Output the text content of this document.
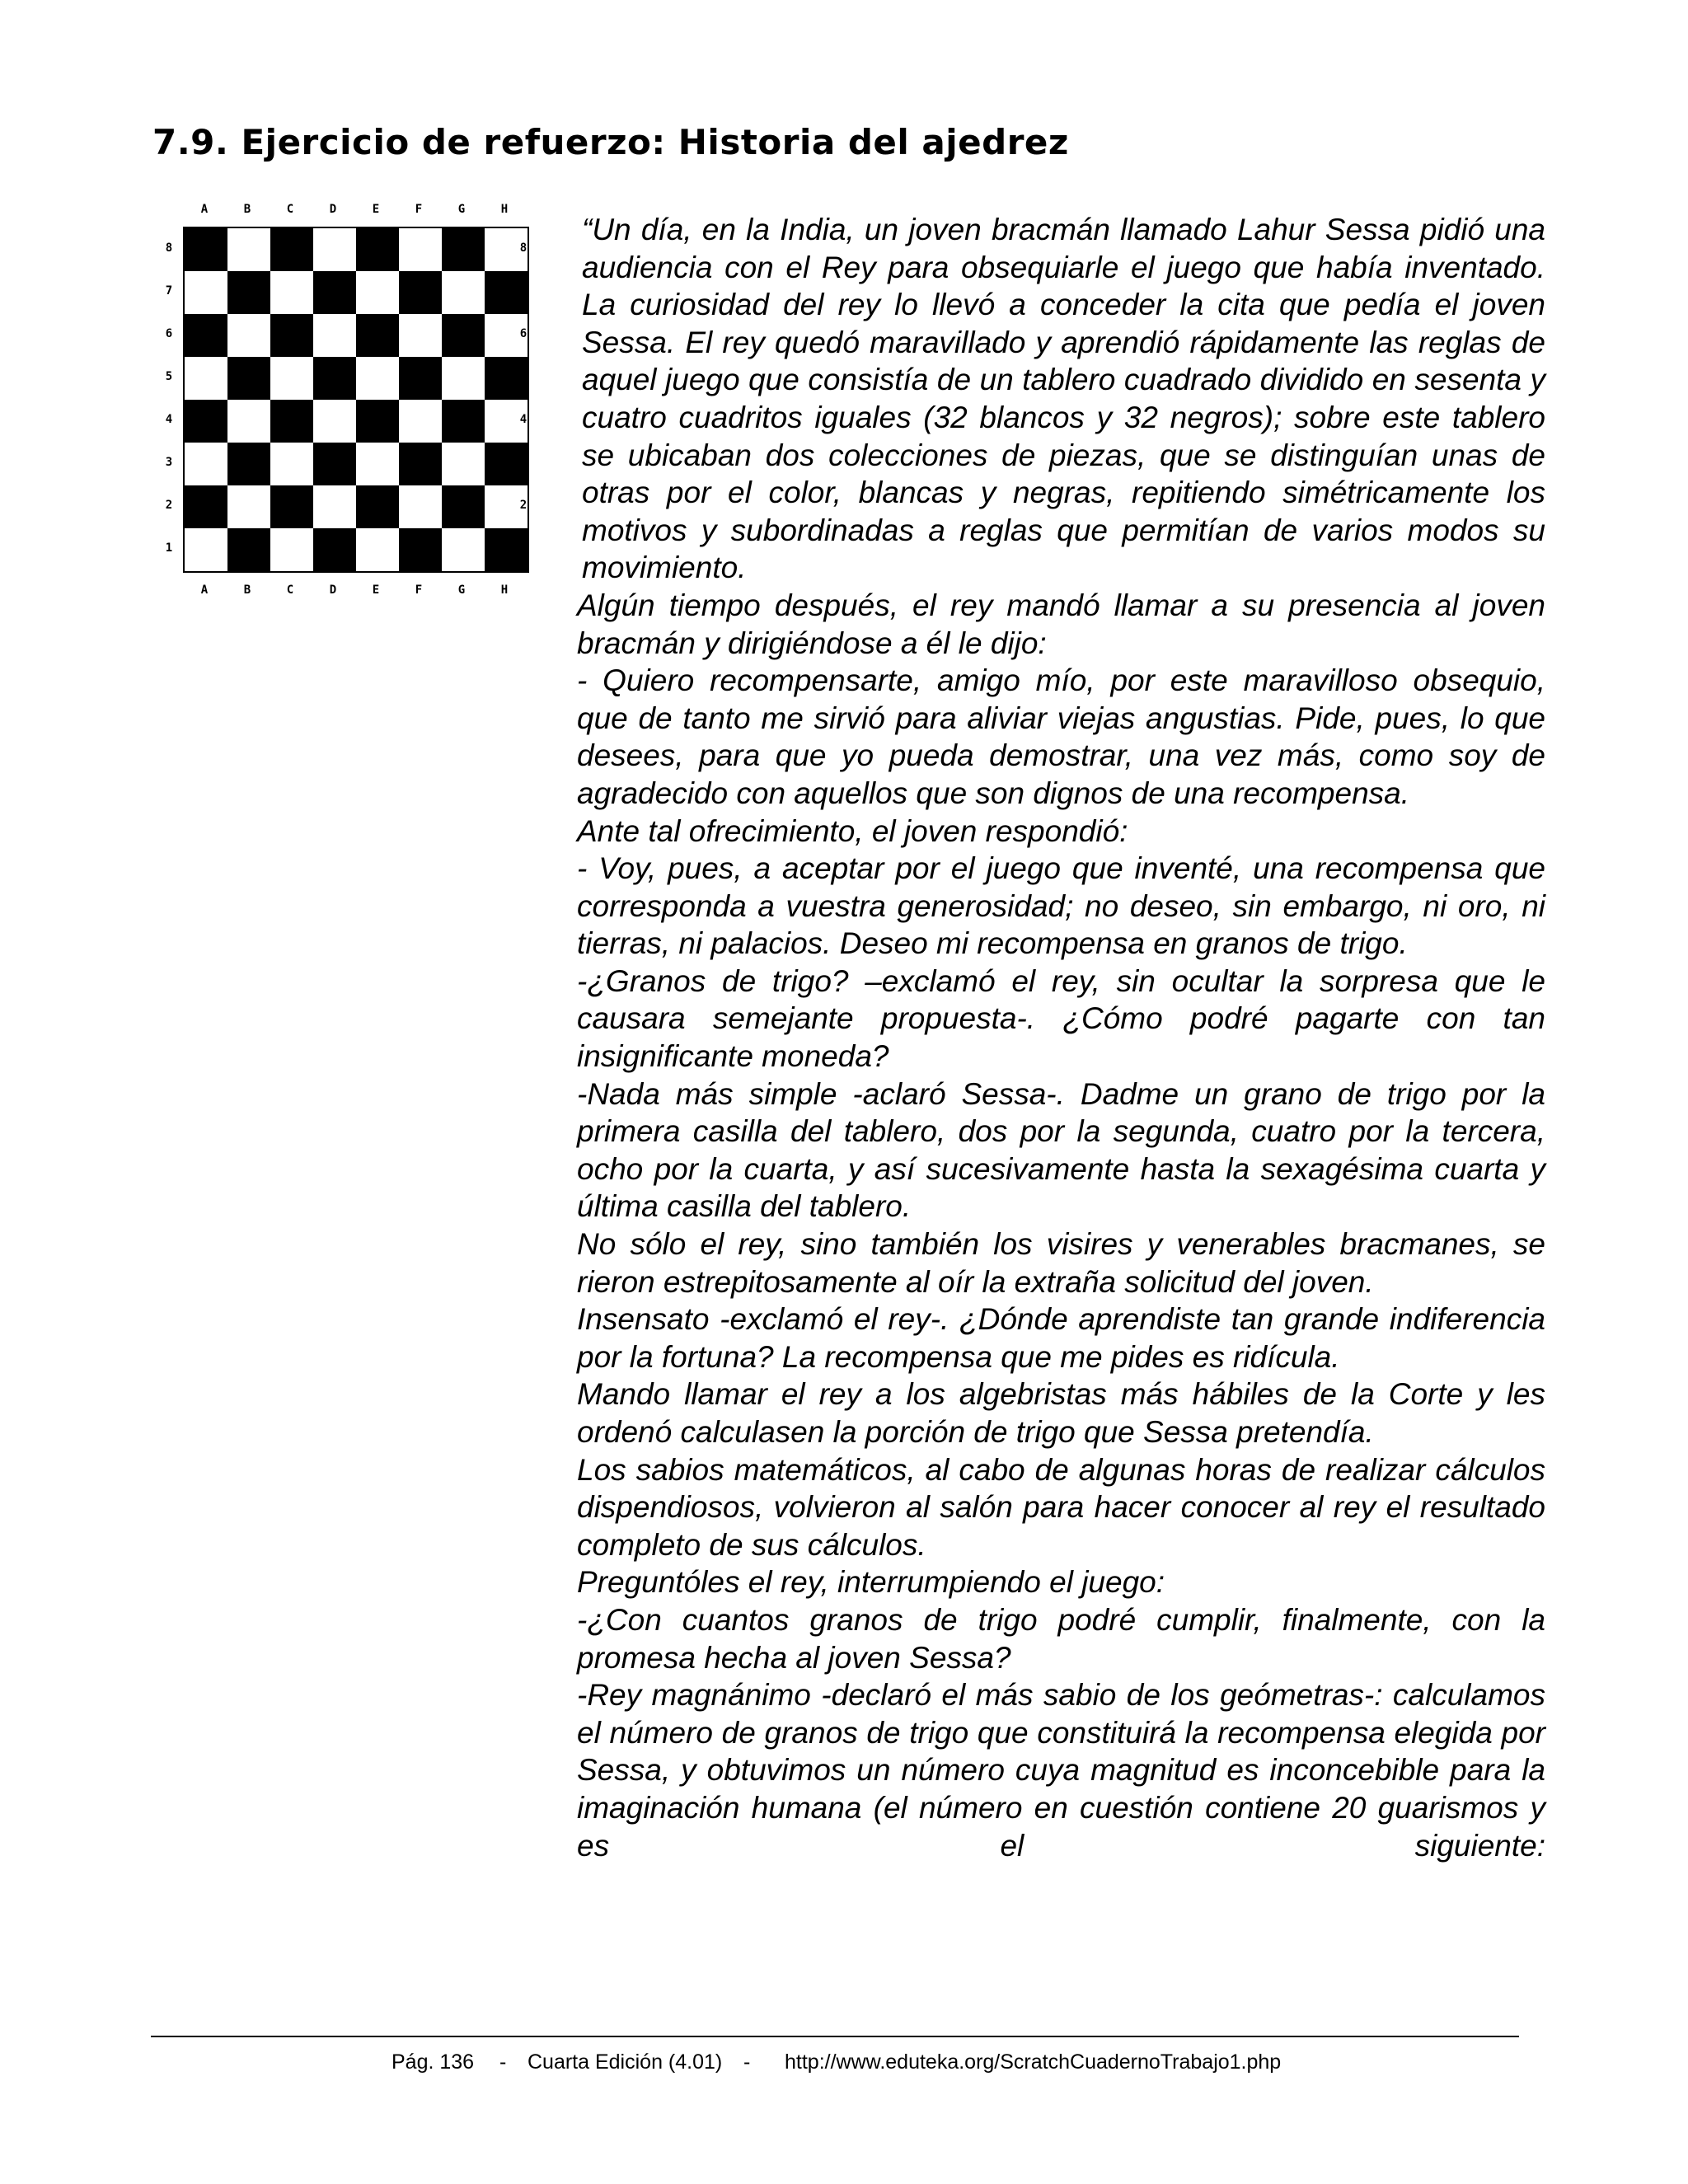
7.9. Ejercicio de refuerzo: Historia del ajedrez
A	B	C	D	E	F	G	H
8
7
6
5
4
3
2
1
8
7
6
5
4
3
2
1
A	B	C	D	E	F	G	H

“Un día, en la India, un joven bracmán llamado Lahur Sessa pidió una audiencia con el Rey para obsequiarle el juego que había inventado. La curiosidad del rey lo llevó a conceder la cita que pedía el joven Sessa. El rey quedó maravillado y aprendió rápidamente las reglas de aquel juego que consistía de un tablero cuadrado dividido en sesenta y cuatro cuadritos iguales (32 blancos y 32 negros); sobre este tablero se ubicaban dos colecciones de piezas, que se distinguían unas de otras por el color, blancas y negras, repitiendo simétricamente los motivos y subordinadas a reglas que permitían de varios modos su movimiento.

Algún tiempo después, el rey mandó llamar a su presencia al joven bracmán y dirigiéndose a él le dijo:

- Quiero recompensarte, amigo mío, por este maravilloso obsequio, que de tanto me sirvió para aliviar viejas angustias. Pide, pues, lo que desees, para que yo pueda demostrar, una vez más, como soy de agradecido con aquellos que son dignos de una recompensa.

Ante tal ofrecimiento, el joven respondió:

- Voy, pues, a aceptar por el juego que inventé, una recompensa que corresponda a vuestra generosidad; no deseo, sin embargo, ni oro, ni tierras, ni palacios. Deseo mi recompensa en granos de trigo.

-¿Granos de trigo? –exclamó el rey, sin ocultar la sorpresa que le causara semejante propuesta-. ¿Cómo podré pagarte con tan insignificante moneda?

-Nada más simple -aclaró Sessa-. Dadme un grano de trigo por la primera casilla del tablero, dos por la segunda, cuatro por la tercera, ocho por la cuarta, y así sucesivamente hasta la sexagésima cuarta y última casilla del tablero.

No sólo el rey, sino también los visires y venerables bracmanes, se rieron estrepitosamente al oír la extraña solicitud del joven.

Insensato -exclamó el rey-. ¿Dónde aprendiste tan grande indiferencia por la fortuna? La recompensa que me pides es ridícula.

Mando llamar el rey a los algebristas más hábiles de la Corte y les ordenó calculasen la porción de trigo que Sessa pretendía.

Los sabios matemáticos, al cabo de algunas horas de realizar cálculos dispendiosos, volvieron al salón para hacer conocer al rey el resultado completo de sus cálculos.

Preguntóles el rey, interrumpiendo el juego:

-¿Con cuantos granos de trigo podré cumplir, finalmente, con la promesa hecha al joven Sessa?

-Rey magnánimo -declaró el más sabio de los geómetras-: calculamos el número de granos de trigo que constituirá la recompensa elegida por Sessa, y obtuvimos un número cuya magnitud es inconcebible para la imaginación humana (el número en cuestión contiene 20 guarismos y es el siguiente:

Pág. 136 - Cuarta Edición (4.01) - http://www.eduteka.org/ScratchCuadernoTrabajo1.php
